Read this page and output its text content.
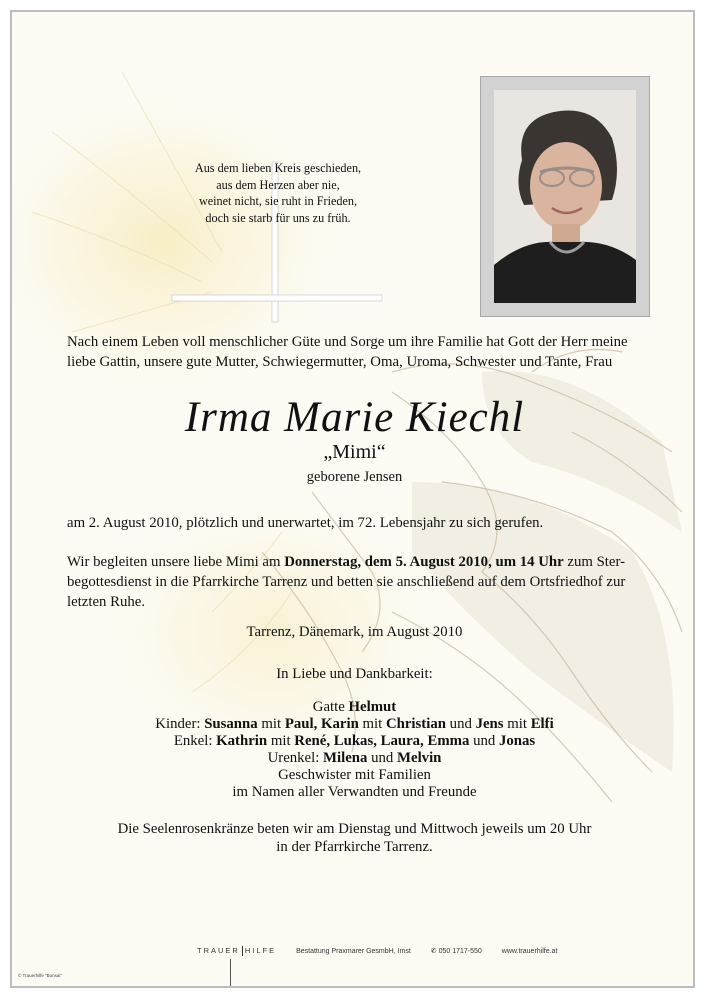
Aus dem lieben Kreis geschieden,
aus dem Herzen aber nie,
weinet nicht, sie ruht in Frieden,
doch sie starb für uns zu früh.
Nach einem Leben voll menschlicher Güte und Sorge um ihre Familie hat Gott der Herr meine liebe Gattin, unsere gute Mutter, Schwiegermutter, Oma, Uroma, Schwester und Tante, Frau
Irma Marie Kiechl
„Mimi“
geborene Jensen
am 2. August 2010, plötzlich und unerwartet, im 72. Lebensjahr zu sich gerufen.
Wir begleiten unsere liebe Mimi am Donnerstag, dem 5. August 2010, um 14 Uhr zum Ster- begottesdienst in die Pfarrkirche Tarrenz und betten sie anschließend auf dem Ortsfriedhof zur letzten Ruhe.
Tarrenz, Dänemark, im August 2010
In Liebe und Dankbarkeit:
Gatte Helmut
Kinder: Susanna mit Paul, Karin mit Christian und Jens mit Elfi
Enkel: Kathrin mit René, Lukas, Laura, Emma und Jonas
Urenkel: Milena und Melvin
Geschwister mit Familien
im Namen aller Verwandten und Freunde
Die Seelenrosenkränze beten wir am Dienstag und Mittwoch jeweils um 20 Uhr
in der Pfarrkirche Tarrenz.
TRAUER HILFE	Bestattung Praxmarer GesmbH, Imst	✆ 050 1717-550	www.trauerhilfe.at
© Trauerhilfe "Bonsai"
